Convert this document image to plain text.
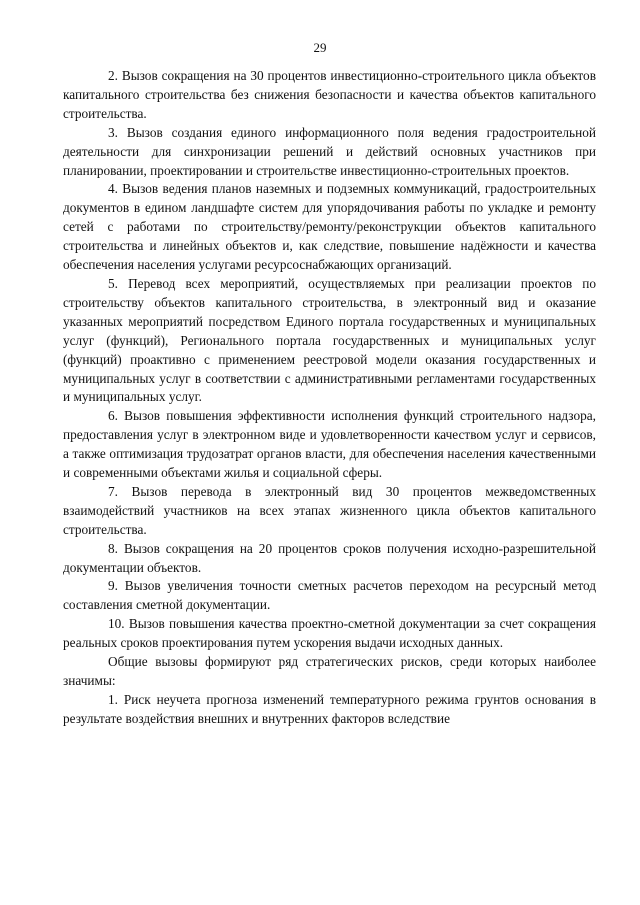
29

2. Вызов сокращения на 30 процентов инвестиционно-строительного цикла объектов капитального строительства без снижения безопасности и качества объектов капитального строительства.

3. Вызов создания единого информационного поля ведения градостроительной деятельности для синхронизации решений и действий основных участников при планировании, проектировании и строительстве инвестиционно-строительных проектов.

4. Вызов ведения планов наземных и подземных коммуникаций, градостроительных документов в едином ландшафте систем для упорядочивания работы по укладке и ремонту сетей с работами по строительству/ремонту/реконструкции объектов капитального строительства и линейных объектов и, как следствие, повышение надёжности и качества обеспечения населения услугами ресурсоснабжающих организаций.

5. Перевод всех мероприятий, осуществляемых при реализации проектов по строительству объектов капитального строительства, в электронный вид и оказание указанных мероприятий посредством Единого портала государственных и муниципальных услуг (функций), Регионального портала государственных и муниципальных услуг (функций) проактивно с применением реестровой модели оказания государственных и муниципальных услуг в соответствии с административными регламентами государственных и муниципальных услуг.

6. Вызов повышения эффективности исполнения функций строительного надзора, предоставления услуг в электронном виде и удовлетворенности качеством услуг и сервисов, а также оптимизация трудозатрат органов власти, для обеспечения населения качественными и современными объектами жилья и социальной сферы.

7. Вызов перевода в электронный вид 30 процентов межведомственных взаимодействий участников на всех этапах жизненного цикла объектов капитального строительства.

8. Вызов сокращения на 20 процентов сроков получения исходно-разрешительной документации объектов.

9. Вызов увеличения точности сметных расчетов переходом на ресурсный метод составления сметной документации.

10. Вызов повышения качества проектно-сметной документации за счет сокращения реальных сроков проектирования путем ускорения выдачи исходных данных.

Общие вызовы формируют ряд стратегических рисков, среди которых наиболее значимы:

1. Риск неучета прогноза изменений температурного режима грунтов основания в результате воздействия внешних и внутренних факторов вследствие
